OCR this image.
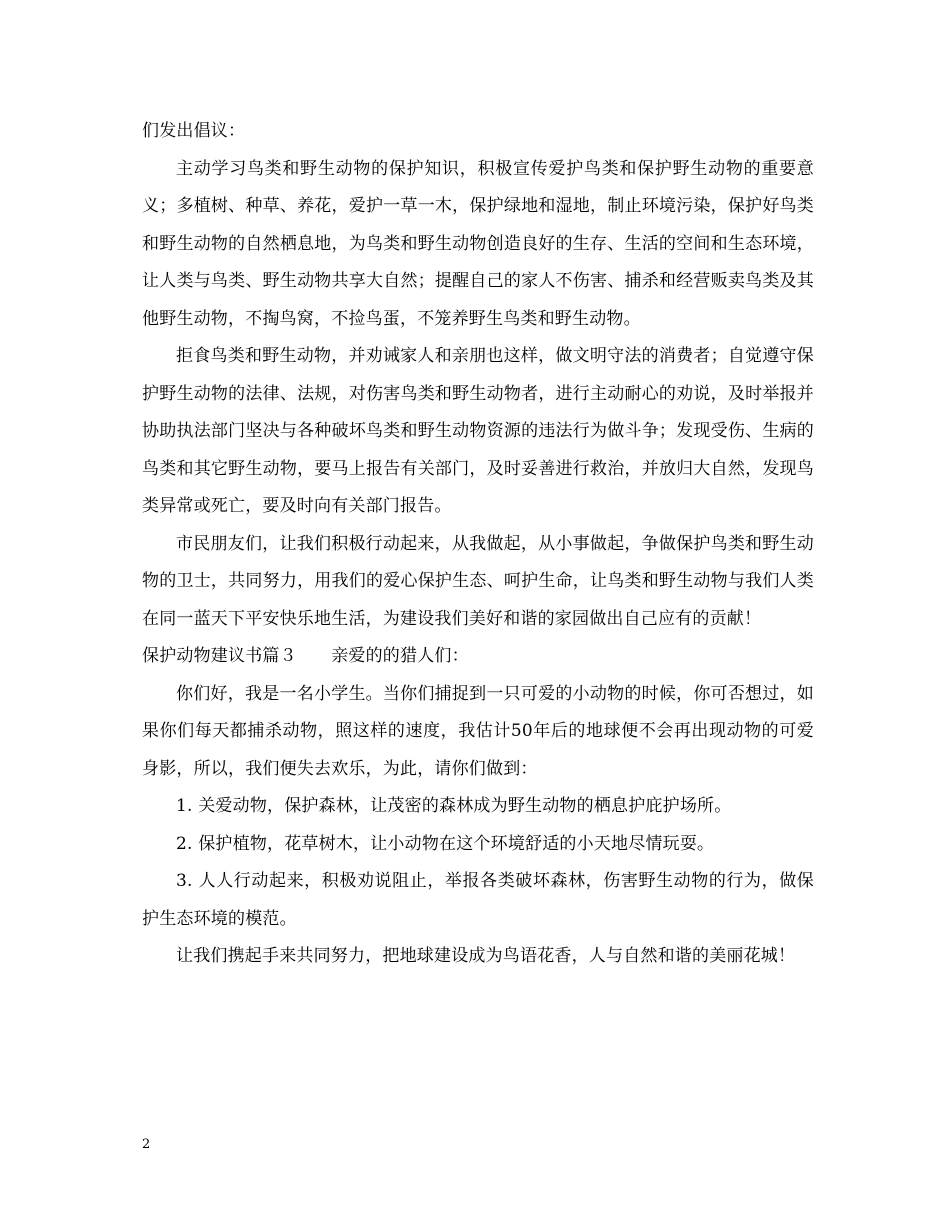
们发出倡议：

主动学习鸟类和野生动物的保护知识，积极宣传爱护鸟类和保护野生动物的重要意义；多植树、种草、养花，爱护一草一木，保护绿地和湿地，制止环境污染，保护好鸟类和野生动物的自然栖息地，为鸟类和野生动物创造良好的生存、生活的空间和生态环境，让人类与鸟类、野生动物共享大自然；提醒自己的家人不伤害、捕杀和经营贩卖鸟类及其他野生动物，不掏鸟窝，不捡鸟蛋，不笼养野生鸟类和野生动物。

拒食鸟类和野生动物，并劝诫家人和亲朋也这样，做文明守法的消费者；自觉遵守保护野生动物的法律、法规，对伤害鸟类和野生动物者，进行主动耐心的劝说，及时举报并协助执法部门坚决与各种破坏鸟类和野生动物资源的违法行为做斗争；发现受伤、生病的鸟类和其它野生动物，要马上报告有关部门，及时妥善进行救治，并放归大自然，发现鸟类异常或死亡，要及时向有关部门报告。

市民朋友们，让我们积极行动起来，从我做起，从小事做起，争做保护鸟类和野生动物的卫士，共同努力，用我们的爱心保护生态、呵护生命，让鸟类和野生动物与我们人类在同一蓝天下平安快乐地生活，为建设我们美好和谐的家园做出自己应有的贡献！

保护动物建议书篇３　　亲爱的的猎人们：

你们好，我是一名小学生。当你们捕捉到一只可爱的小动物的时候，你可否想过，如果你们每天都捕杀动物，照这样的速度，我估计50年后的地球便不会再出现动物的可爱身影，所以，我们便失去欢乐，为此，请你们做到：

1. 关爱动物，保护森林，让茂密的森林成为野生动物的栖息护庇护场所。

2. 保护植物，花草树木，让小动物在这个环境舒适的小天地尽情玩耍。

3. 人人行动起来，积极劝说阻止，举报各类破坏森林，伤害野生动物的行为，做保护生态环境的模范。

让我们携起手来共同努力，把地球建设成为鸟语花香，人与自然和谐的美丽花城！

2
